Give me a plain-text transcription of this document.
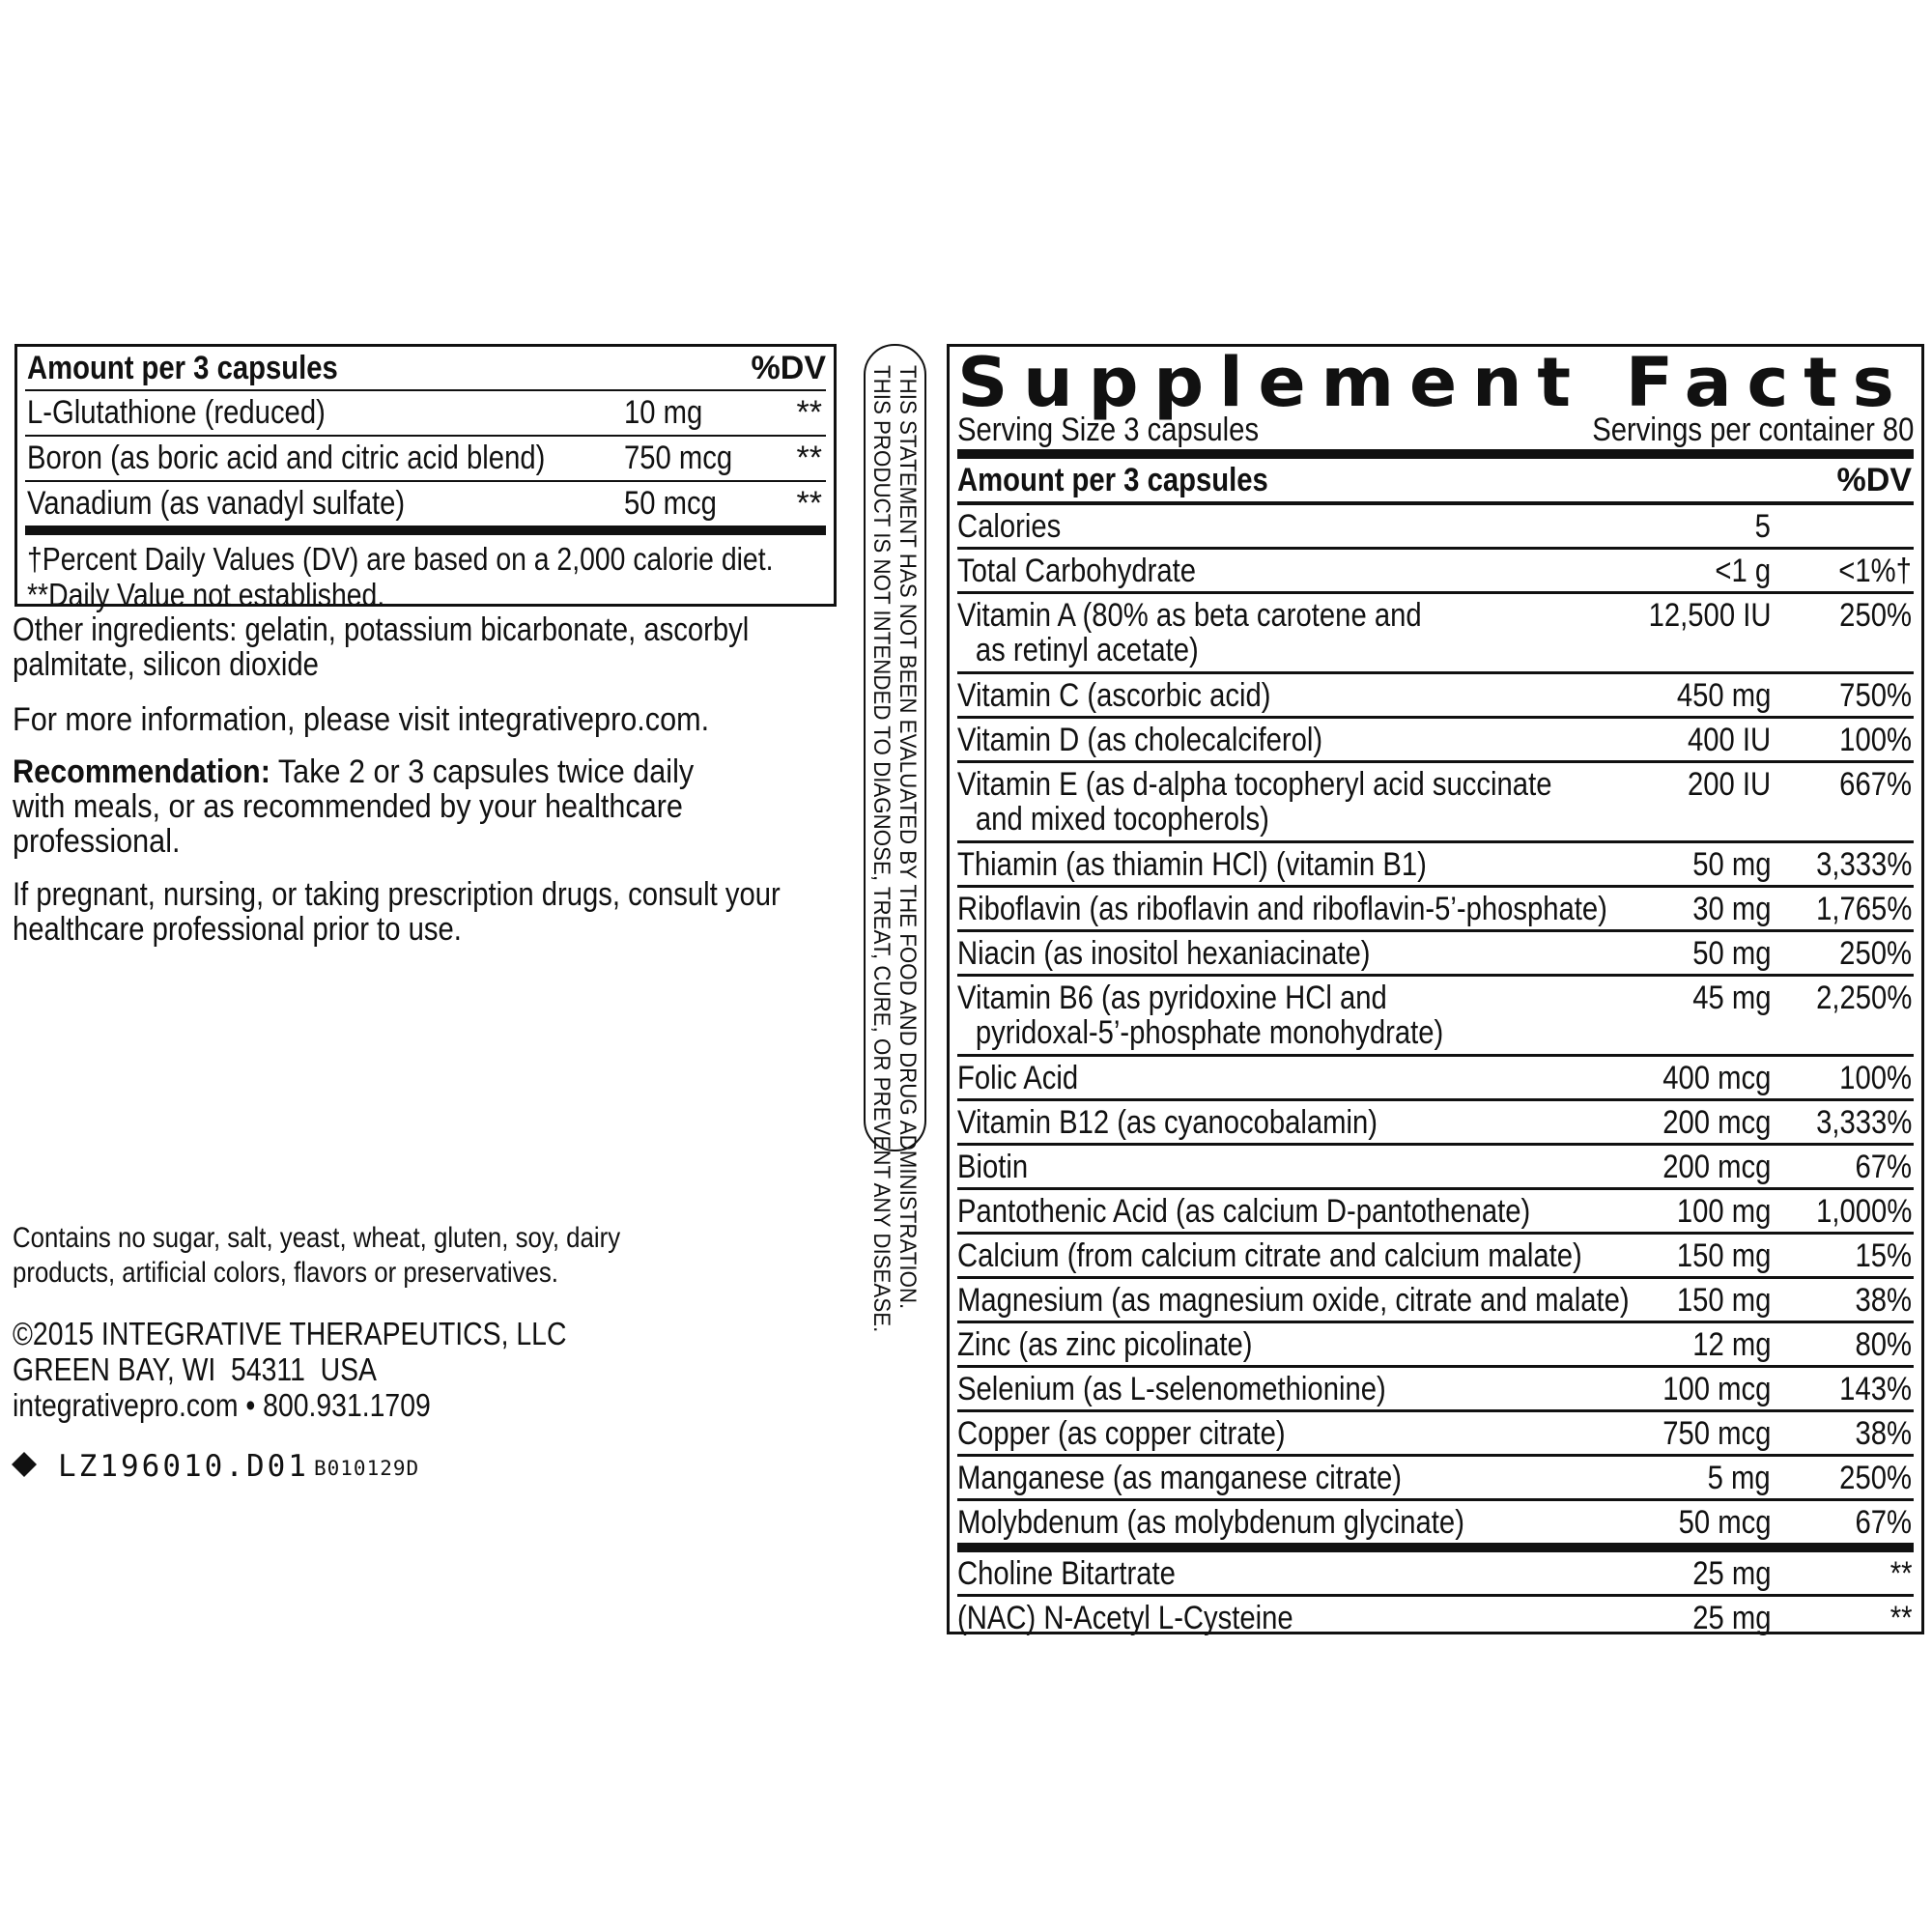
Amount per 3 capsules	%DV
L-Glutathione (reduced)	10 mg	**
Boron (as boric acid and citric acid blend) 750 mcg **
Vanadium (as vanadyl sulfate)	50 mcg **
†Percent Daily Values (DV) are based on a 2,000 calorie diet.
**Daily Value not established.
Other ingredients: gelatin, potassium bicarbonate, ascorbyl palmitate, silicon dioxide
For more information, please visit integrativepro.com.
Recommendation: Take 2 or 3 capsules twice daily with meals, or as recommended by your healthcare professional.
If pregnant, nursing, or taking prescription drugs, consult your healthcare professional prior to use.
Contains no sugar, salt, yeast, wheat, gluten, soy, dairy products, artificial colors, flavors or preservatives.
©2015 INTEGRATIVE THERAPEUTICS, LLC
GREEN BAY, WI  54311  USA
integrativepro.com • 800.931.1709
LZ196010.D01 B010129D
THIS STATEMENT HAS NOT BEEN EVALUATED BY THE FOOD AND DRUG ADMINISTRATION.
THIS PRODUCT IS NOT INTENDED TO DIAGNOSE, TREAT, CURE, OR PREVENT ANY DISEASE. Supplement Facts
Serving Size 3 capsules	Servings per container 80
Amount per 3 capsules	%DV
Calories	5
Total Carbohydrate	<1 g	<1%†
Vitamin A (80% as beta carotene and
as retinyl acetate)
12,500 IU	250%
Vitamin C (ascorbic acid)	450 mg	750%
Vitamin D (as cholecalciferol)	400 IU	100%
Vitamin E (as d-alpha tocopheryl acid succinate
and mixed tocopherols)
200 IU	667%
Thiamin (as thiamin HCl) (vitamin B1)	50 mg	3,333%
Riboflavin (as riboflavin and riboflavin-5’-phosphate)	30 mg	1,765%
Niacin (as inositol hexaniacinate)	50 mg	250%
Vitamin B6 (as pyridoxine HCl and
pyridoxal-5’-phosphate monohydrate)
45 mg	2,250%
Folic Acid	400 mcg	100%
Vitamin B12 (as cyanocobalamin)	200 mcg	3,333%
Biotin	200 mcg	67%
Pantothenic Acid (as calcium D-pantothenate)	100 mg	1,000%
Calcium (from calcium citrate and calcium malate)	150 mg	15%
Magnesium (as magnesium oxide, citrate and malate)	150 mg	38%
Zinc (as zinc picolinate)	12 mg	80%
Selenium (as L-selenomethionine)	100 mcg	143%
Copper (as copper citrate)	750 mcg	38%
Manganese (as manganese citrate)	5 mg	250%
Molybdenum (as molybdenum glycinate)	50 mcg	67%
Choline Bitartrate	25 mg	**
(NAC) N-Acetyl L-Cysteine	25 mg	**
